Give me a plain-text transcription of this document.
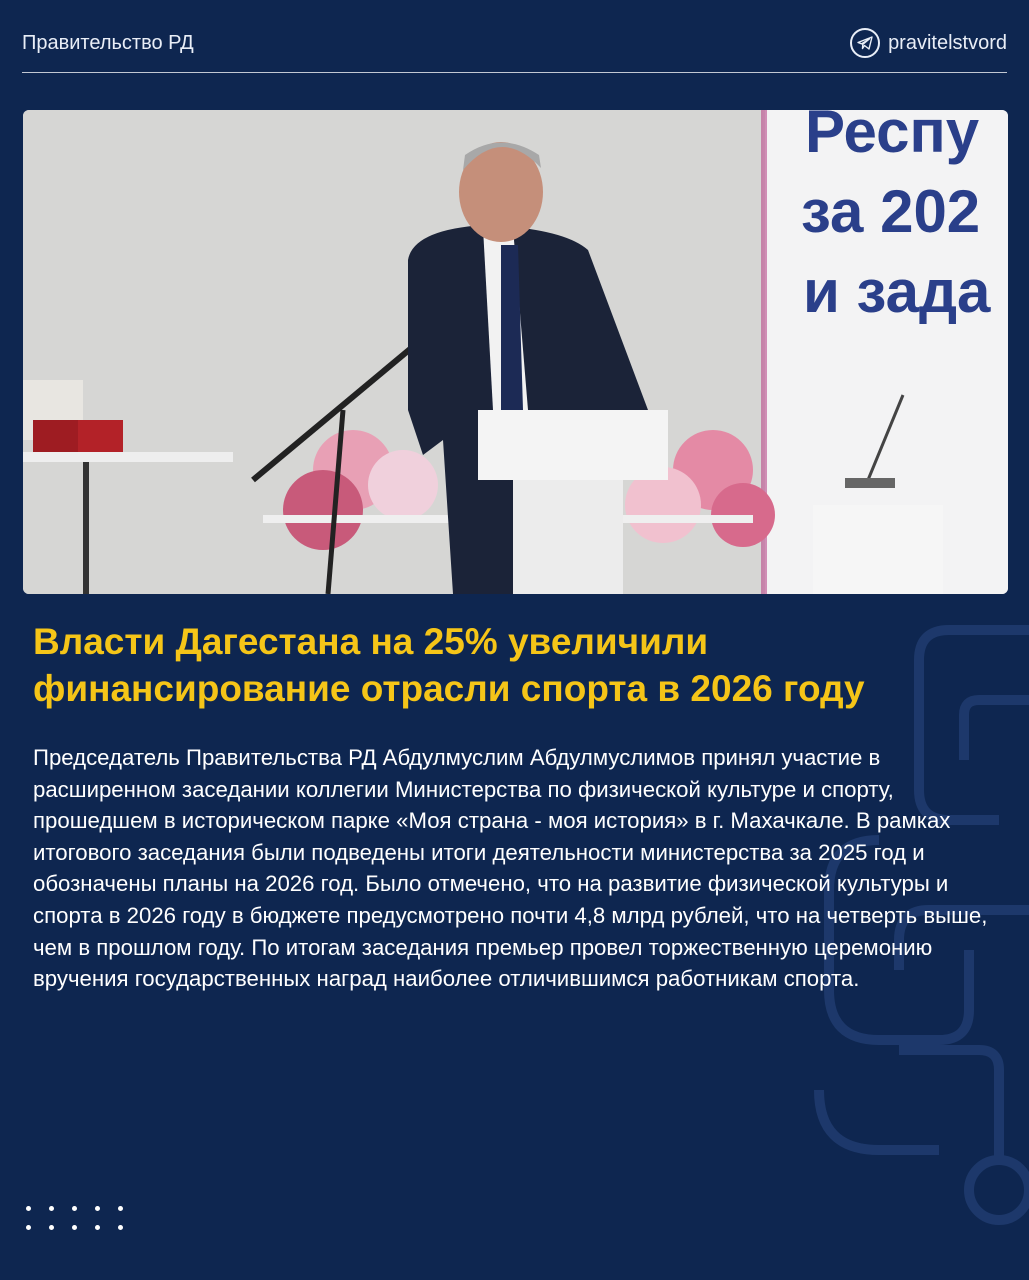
Правительство РД	pravitelstvord
Респу
за 202
и зада
Власти Дагестана на 25% увеличили финансирование отрасли спорта в 2026 году

Председатель Правительства РД Абдулмуслим Абдулмуслимов принял участие в расширенном заседании коллегии Министерства по физической культуре и спорту, прошедшем в историческом парке «Моя страна - моя история» в г. Махачкале. В рамках итогового заседания были подведены итоги деятельности министерства за 2025 год и обозначены планы на 2026 год. Было отмечено, что на развитие физической культуры и спорта в 2026 году в бюджете предусмотрено почти 4,8 млрд рублей, что на четверть выше, чем в прошлом году. По итогам заседания премьер провел торжественную церемонию вручения государственных наград наиболее отличившимся работникам спорта.
